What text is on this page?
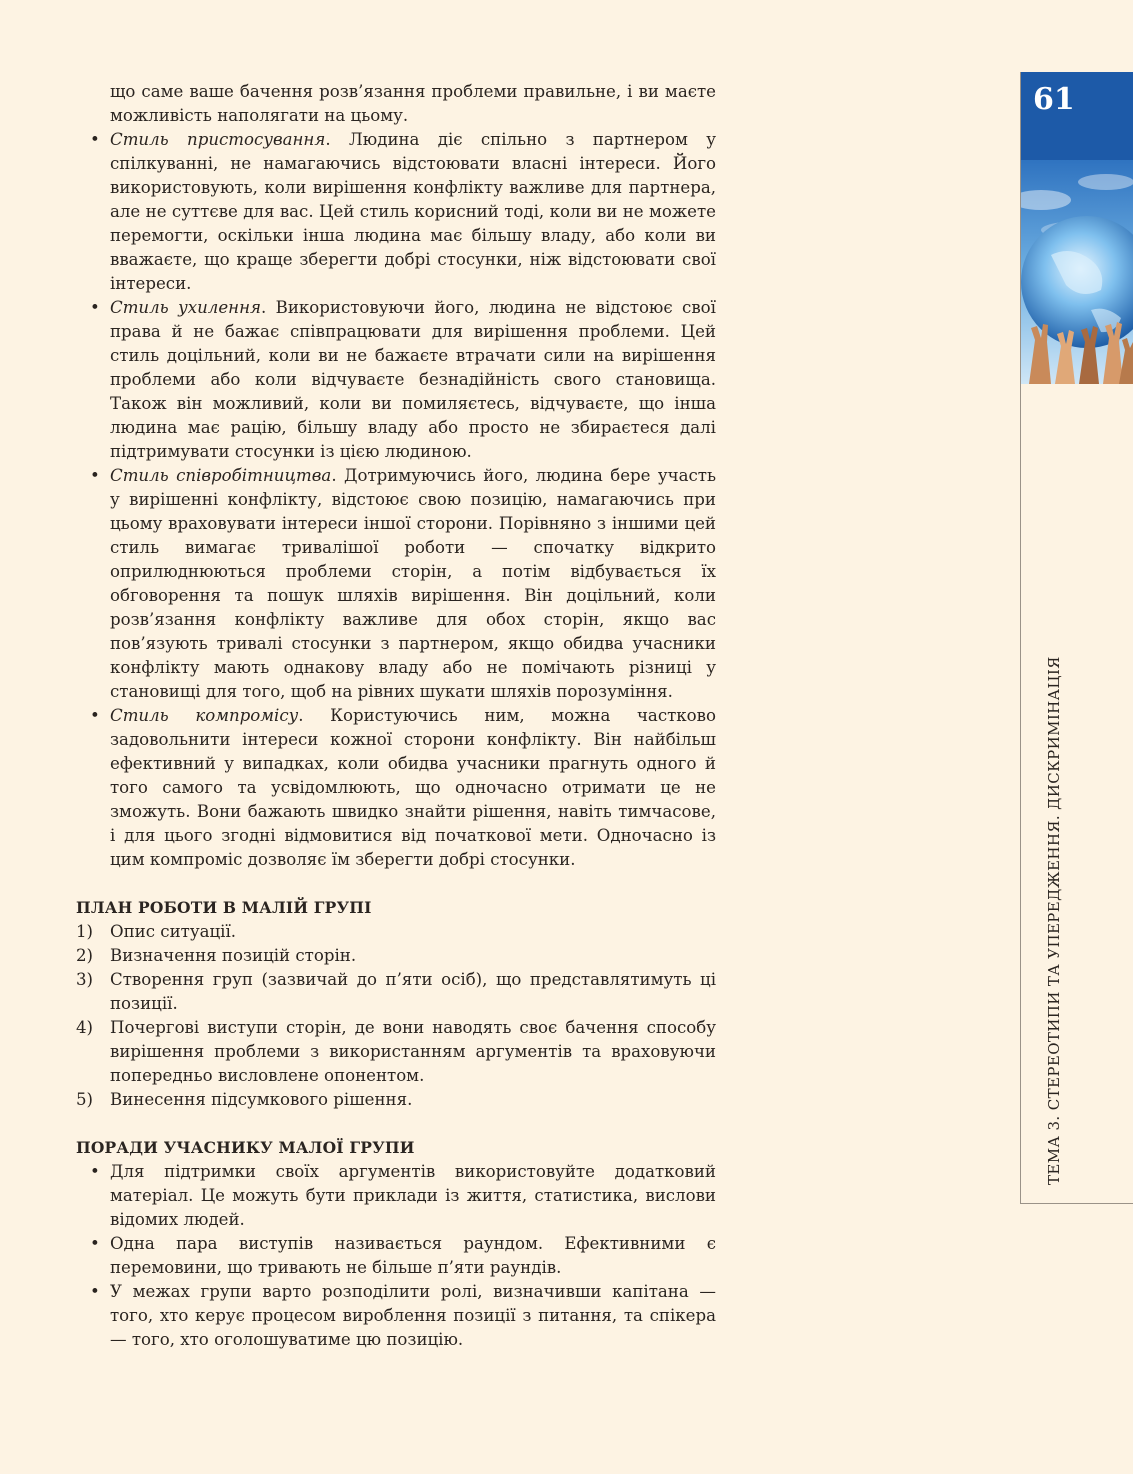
що саме ваше бачення розв’язання проблеми правильне, і ви маєте можливість наполягати на цьому.

• Стиль пристосування. Людина діє спільно з партнером у спілкуванні, не намагаючись відстоювати власні інтереси. Його використовують, коли вирішення конфлікту важливе для партнера, але не суттєве для вас. Цей стиль корисний тоді, коли ви не можете перемогти, оскільки інша людина має більшу владу, або коли ви вважаєте, що краще зберегти добрі стосунки, ніж відстоювати свої інтереси.
• Стиль ухилення. Використовуючи його, людина не відстоює свої права й не бажає співпрацювати для вирішення проблеми. Цей стиль доцільний, коли ви не бажаєте втрачати сили на вирішення проблеми або коли відчуваєте безнадійність свого становища. Також він можливий, коли ви помиляєтесь, відчуваєте, що інша людина має рацію, більшу владу або просто не збираєтеся далі підтримувати стосунки із цією людиною.
• Стиль співробітництва. Дотримуючись його, людина бере участь у вирішенні конфлікту, відстоює свою позицію, намагаючись при цьому враховувати інтереси іншої сторони. Порівняно з іншими цей стиль вимагає тривалішої роботи — спочатку відкрито оприлюднюються проблеми сторін, а потім відбувається їх обговорення та пошук шляхів вирішення. Він доцільний, коли розв’язання конфлікту важливе для обох сторін, якщо вас пов’язують тривалі стосунки з партнером, якщо обидва учасники конфлікту мають однакову владу або не помічають різниці у становищі для того, щоб на рівних шукати шляхів порозуміння.
• Стиль компромісу. Користуючись ним, можна частково задовольнити інтереси кожної сторони конфлікту. Він найбільш ефективний у випадках, коли обидва учасники прагнуть одного й того самого та усвідомлюють, що одночасно отримати це не зможуть. Вони бажають швидко знайти рішення, навіть тимчасове, і для цього згодні відмовитися від початкової мети. Одночасно із цим компроміс дозволяє їм зберегти добрі стосунки.
ПЛАН РОБОТИ В МАЛІЙ ГРУПІ
1) Опис ситуації.
2) Визначення позицій сторін.
3) Створення груп (зазвичай до п’яти осіб), що представлятимуть ці позиції.
4) Почергові виступи сторін, де вони наводять своє бачення способу вирішення проблеми з використанням аргументів та враховуючи попередньо висловлене опонентом.
5) Винесення підсумкового рішення.
ПОРАДИ УЧАСНИКУ МАЛОЇ ГРУПИ
• Для підтримки своїх аргументів використовуйте додатковий матеріал. Це можуть бути приклади із життя, статистика, вислови відомих людей.
• Одна пара виступів називається раундом. Ефективними є перемовини, що тривають не більше п’яти раундів.
• У межах групи варто розподілити ролі, визначивши капітана — того, хто керує процесом вироблення позиції з питання, та спікера — того, хто оголошуватиме цю позицію.
61
ТЕМА 3. СТЕРЕОТИПИ ТА УПЕРЕДЖЕННЯ. ДИСКРИМІНАЦІЯ
